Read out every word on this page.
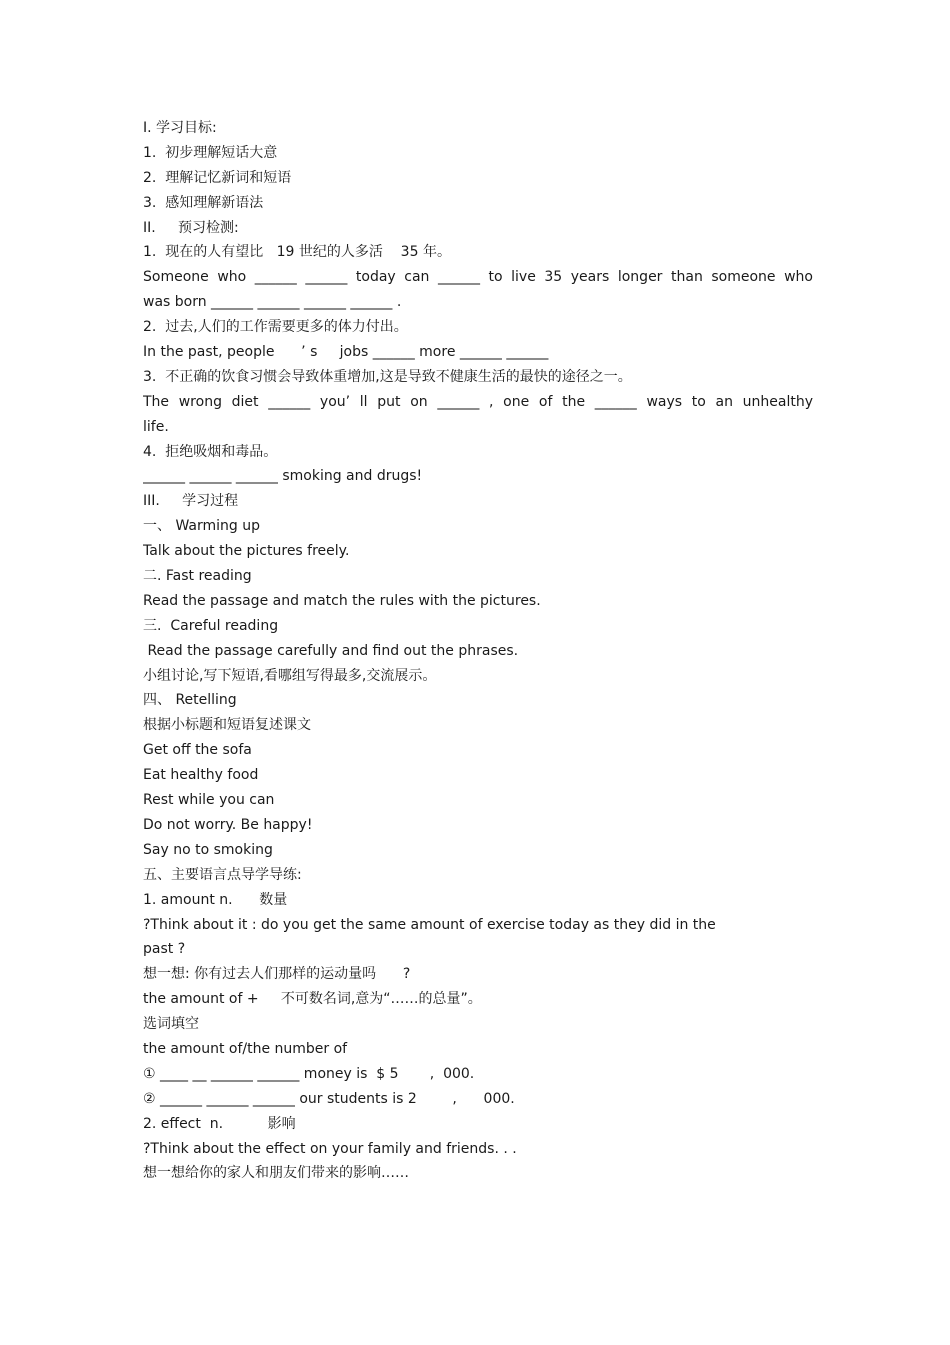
Ⅰ. 学习目标:
1.  初步理解短话大意
2.  理解记忆新词和短语
3.  感知理解新语法
II.     预习检测:
1.  现在的人有望比   19 世纪的人多活    35 年。
Someone who ______ ______ today can ______ to live 35 years longer than someone who
was born ______ ______ ______ ______ .
2.  过去,人们的工作需要更多的体力付出。
In the past, people      ’ s     jobs ______ more ______ ______
3.  不正确的饮食习惯会导致体重增加,这是导致不健康生活的最快的途径之一。
The wrong diet ______ you’ ll put on ______ , one of the ______ ways to an unhealthy
life.
4.  拒绝吸烟和毒品。
______ ______ ______ smoking and drugs!
III.     学习过程
一、 Warming up
Talk about the pictures freely.
二. Fast reading
Read the passage and match the rules with the pictures.
三.  Careful reading
Read the passage carefully and find out the phrases.
小组讨论,写下短语,看哪组写得最多,交流展示。
四、 Retelling
根据小标题和短语复述课文
Get off the sofa
Eat healthy food
Rest while you can
Do not worry. Be happy!
Say no to smoking
五、主要语言点导学导练:
1. amount n.      数量
?Think about it : do you get the same amount of exercise today as they did in the
past ?
想一想: 你有过去人们那样的运动量吗      ?
the amount of +     不可数名词,意为“……的总量”。
选词填空
the amount of/the number of
① ____ __ ______ ______ money is  $ 5       ,  000.
② ______ ______ ______ our students is 2        ,      000.
2. effect  n.          影响
?Think about the effect on your family and friends. . .
想一想给你的家人和朋友们带来的影响……
